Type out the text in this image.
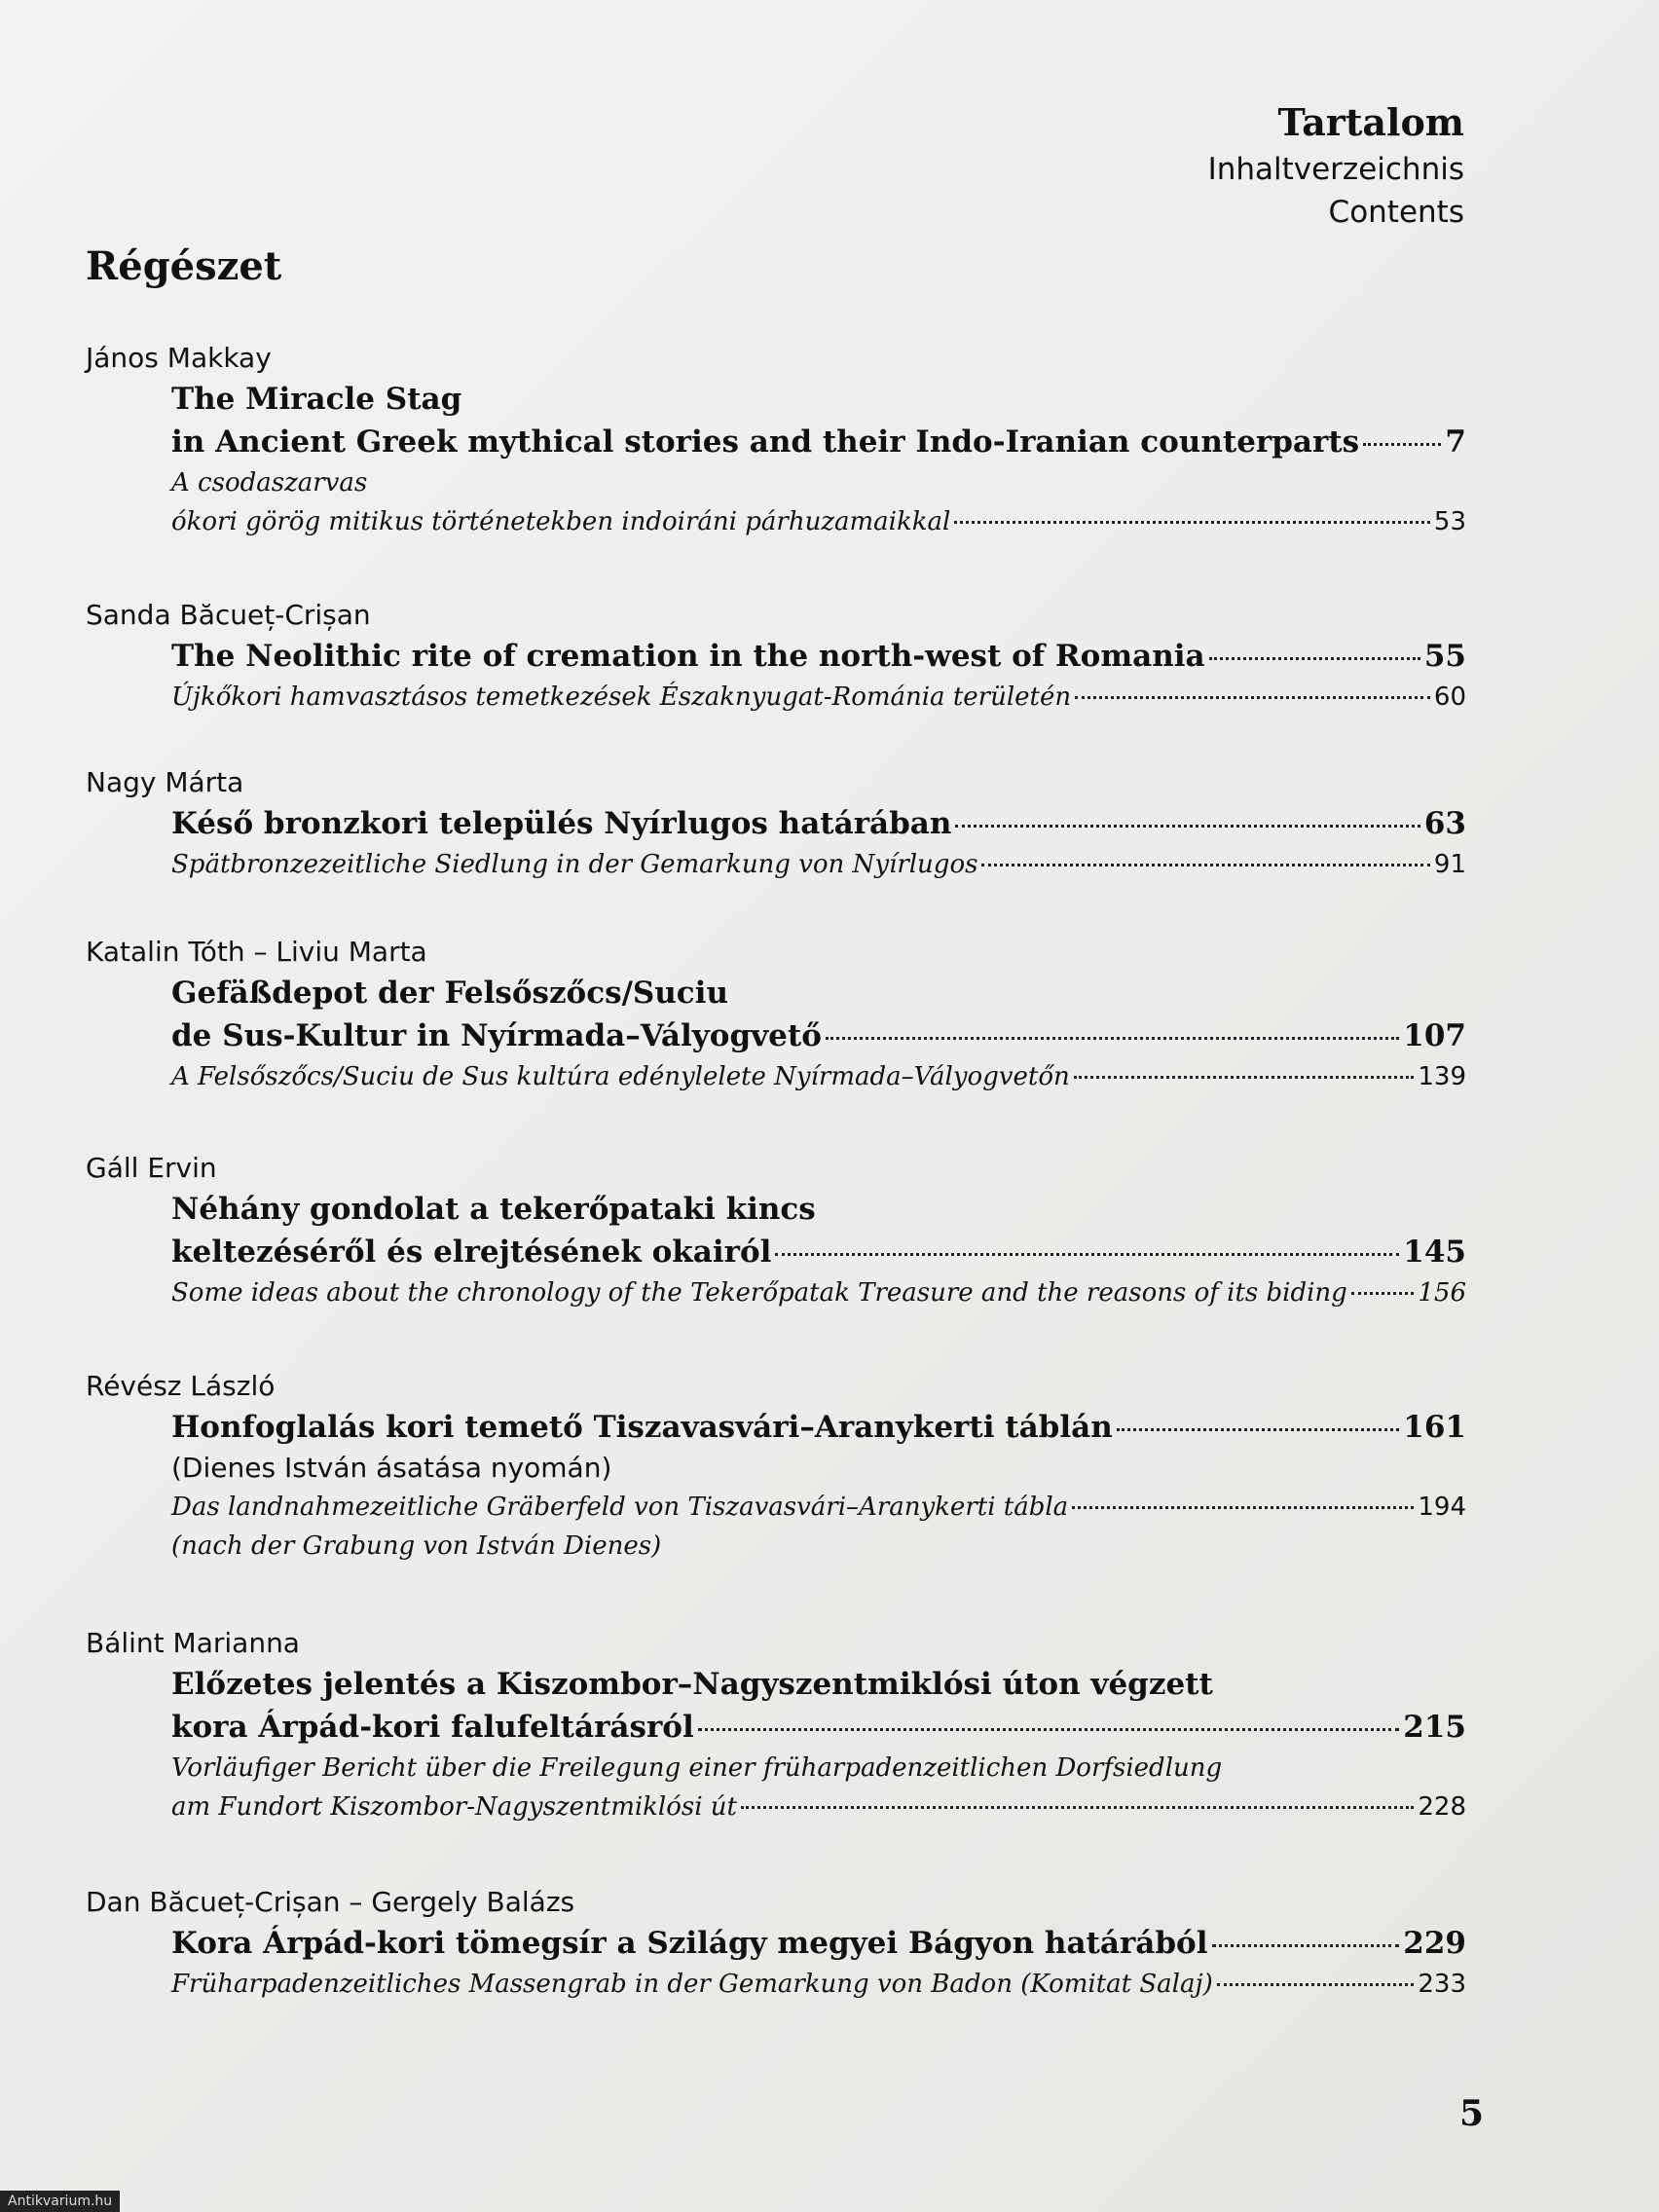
Tartalom
Inhaltverzeichnis
Contents
Régészet
János Makkay
The Miracle Stag
in Ancient Greek mythical stories and their Indo-Iranian counterparts	7
A csodaszarvas
ókori görög mitikus történetekben indoiráni párhuzamaikkal	53
Sanda Băcueț-Crișan
The Neolithic rite of cremation in the north-west of Romania	55
Újkőkori hamvasztásos temetkezések Északnyugat-Románia területén	60
Nagy Márta
Késő bronzkori település Nyírlugos határában	63
Spätbronzezeitliche Siedlung in der Gemarkung von Nyírlugos	91
Katalin Tóth – Liviu Marta
Gefäßdepot der Felsőszőcs/Suciu
de Sus-Kultur in Nyírmada–Vályogvető	107
A Felsőszőcs/Suciu de Sus kultúra edénylelete Nyírmada–Vályogvetőn	139
Gáll Ervin
Néhány gondolat a tekerőpataki kincs
keltezéséről és elrejtésének okairól	145
Some ideas about the chronology of the Tekerőpatak Treasure and the reasons of its biding	156
Révész László
Honfoglalás kori temető Tiszavasvári–Aranykerti táblán	161
(Dienes István ásatása nyomán)
Das landnahmezeitliche Gräberfeld von Tiszavasvári–Aranykerti tábla	194
(nach der Grabung von István Dienes)
Bálint Marianna
Előzetes jelentés a Kiszombor–Nagyszentmiklósi úton végzett
kora Árpád-kori falufeltárásról	215
Vorläufiger Bericht über die Freilegung einer früharpadenzeitlichen Dorfsiedlung
am Fundort Kiszombor-Nagyszentmiklósi út	228
Dan Băcueț-Crișan – Gergely Balázs
Kora Árpád-kori tömegsír a Szilágy megyei Bágyon határából	229
Früharpadenzeitliches Massengrab in der Gemarkung von Badon (Komitat Salaj)	233
5
Antikvarium.hu
